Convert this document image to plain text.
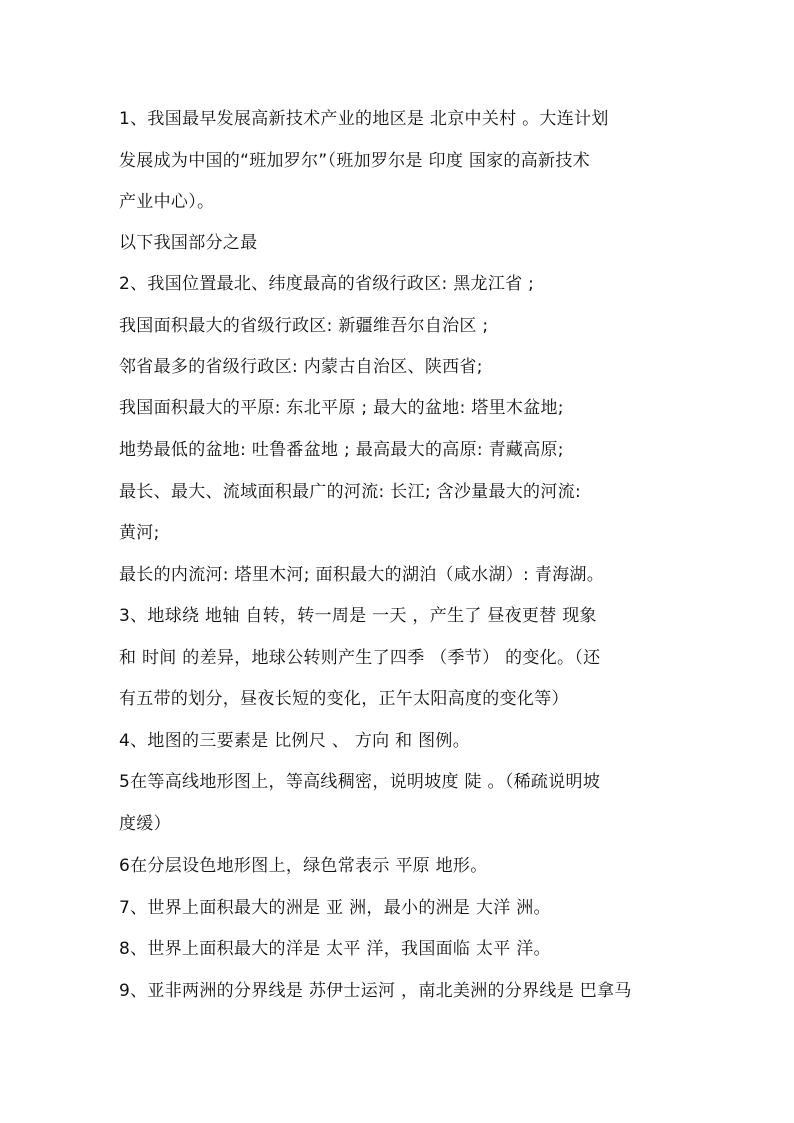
1、我国最早发展高新技术产业的地区是 北京中关村 。大连计划
发展成为中国的“班加罗尔”（班加罗尔是 印度 国家的高新技术
产业中心）。
以下我国部分之最
2、我国位置最北、纬度最高的省级行政区: 黑龙江省 ;
我国面积最大的省级行政区: 新疆维吾尔自治区 ;
邻省最多的省级行政区: 内蒙古自治区、陕西省;
我国面积最大的平原: 东北平原 ; 最大的盆地: 塔里木盆地;
地势最低的盆地: 吐鲁番盆地 ; 最高最大的高原: 青藏高原;
最长、最大、流域面积最广的河流: 长江; 含沙量最大的河流:
黄河;
最长的内流河: 塔里木河; 面积最大的湖泊（咸水湖）: 青海湖。
3、地球绕 地轴 自转，转一周是 一天 ，产生了 昼夜更替 现象
和 时间 的差异，地球公转则产生了四季 （季节） 的变化。（还
有五带的划分，昼夜长短的变化，正午太阳高度的变化等）
4、地图的三要素是 比例尺 、 方向 和 图例。
5在等高线地形图上，等高线稠密，说明坡度 陡 。（稀疏说明坡
度缓）
6在分层设色地形图上，绿色常表示 平原 地形。
7、世界上面积最大的洲是 亚 洲，最小的洲是 大洋 洲。
8、世界上面积最大的洋是 太平 洋，我国面临 太平 洋。
9、亚非两洲的分界线是 苏伊士运河 ，南北美洲的分界线是 巴拿马
